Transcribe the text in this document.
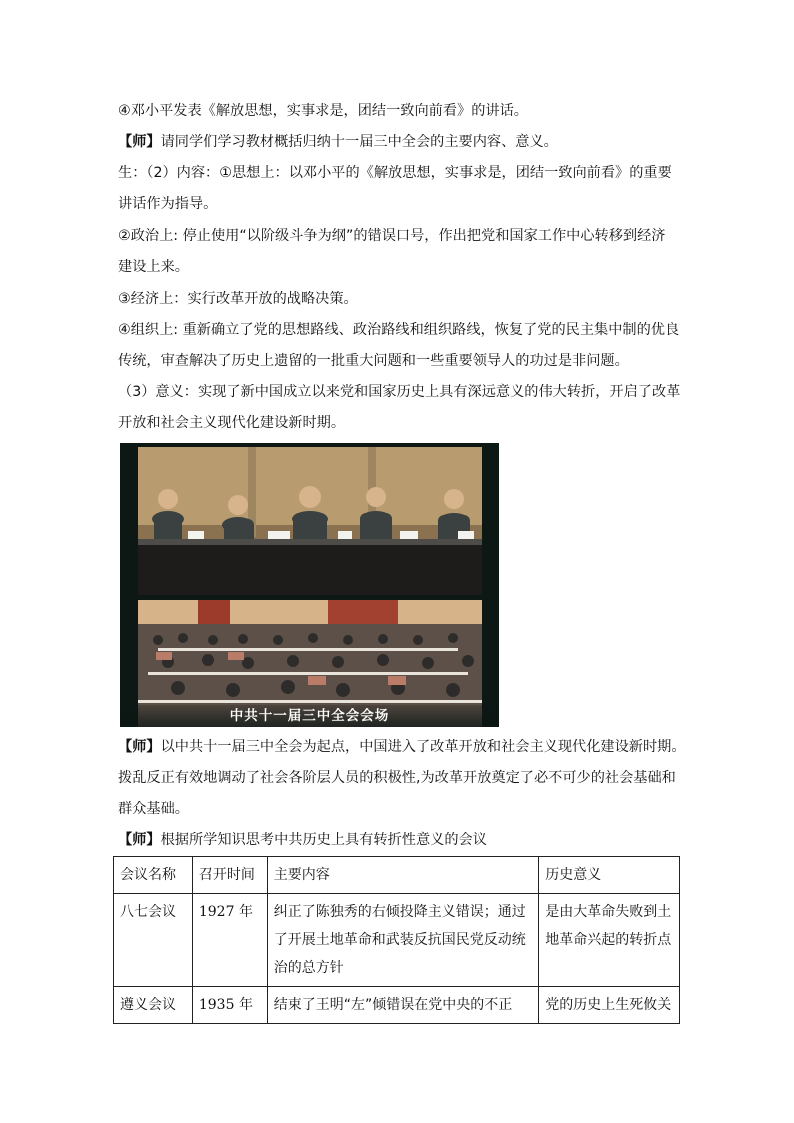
④邓小平发表《解放思想，实事求是，团结一致向前看》的讲话。
【师】请同学们学习教材概括归纳十一届三中全会的主要内容、意义。
生：（2）内容：①思想上：以邓小平的《解放思想，实事求是，团结一致向前看》的重要
讲话作为指导。
②政治上: 停止使用“以阶级斗争为纲”的错误口号，作出把党和国家工作中心转移到经济
建设上来。
③经济上：实行改革开放的战略决策。
④组织上: 重新确立了党的思想路线、政治路线和组织路线，恢复了党的民主集中制的优良
传统，审查解决了历史上遗留的一批重大问题和一些重要领导人的功过是非问题。
（3）意义：实现了新中国成立以来党和国家历史上具有深远意义的伟大转折，开启了改革
开放和社会主义现代化建设新时期。
中共十一届三中全会会场
【师】以中共十一届三中全会为起点，中国进入了改革开放和社会主义现代化建设新时期。
拨乱反正有效地调动了社会各阶层人员的积极性,为改革开放奠定了必不可少的社会基础和
群众基础。
【师】根据所学知识思考中共历史上具有转折性意义的会议
会议名称	召开时间	主要内容	历史意义
八七会议	1927 年	纠正了陈独秀的右倾投降主义错误；通过了开展土地革命和武装反抗国民党反动统治的总方针	是由大革命失败到土地革命兴起的转折点
遵义会议	1935 年	结束了王明“左”倾错误在党中央的不正	党的历史上生死攸关
